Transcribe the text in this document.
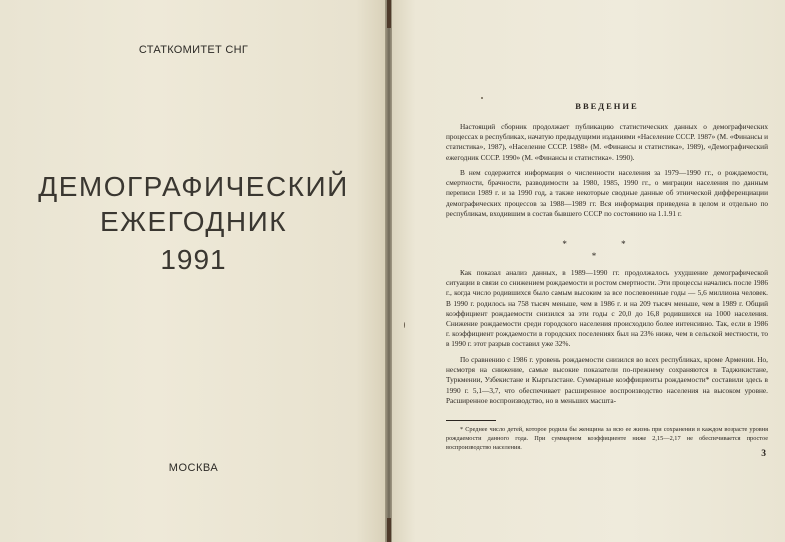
СТАТКОМИТЕТ СНГ
ДЕМОГРАФИЧЕСКИЙ
ЕЖЕГОДНИК
1991
МОСКВА
ВВЕДЕНИЕ

Настоящий сборник продолжает публикацию статистических данных о демографических процессах в республиках, начатую предыдущими изданиями «Население СССР. 1987» (М. «Финансы и статистика», 1987), «Население СССР. 1988» (М. «Финансы и статистика», 1989), «Демографический ежегодник СССР. 1990» (М. «Финансы и статистика». 1990).

В нем содержится информация о численности населения за 1979—1990 гг., о рождаемости, смертности, брачности, разводимости за 1980, 1985, 1990 гг., о миграции населения по данным переписи 1989 г. и за 1990 год, а также некоторые сводные данные об этнической дифференциации демографических процессов за 1988—1989 гг. Вся информация приведена в целом и отдельно по республикам, входившим в состав бывшего СССР по состоянию на 1.1.91 г.

* *
*

Как показал анализ данных, в 1989—1990 гг. продолжалось ухудшение демографической ситуации в связи со снижением рождаемости и ростом смертности. Эти процессы начались после 1986 г., когда число родившихся было самым высоким за все послевоенные годы — 5,6 миллиона человек. В 1990 г. родилось на 758 тысяч меньше, чем в 1986 г. и на 209 тысяч меньше, чем в 1989 г. Общий коэффициент рождаемости снизился за эти годы с 20,0 до 16,8 родившихся на 1000 населения. Снижение рождаемости среди городского населения происходило более интенсивно. Так, если в 1986 г. коэффициент рождаемости в городских поселениях был на 23% ниже, чем в сельской местности, то в 1990 г. этот разрыв составил уже 32%.

По сравнению с 1986 г. уровень рождаемости снизился во всех республиках, кроме Армении. Но, несмотря на снижение, самые высокие показатели по-прежнему сохраняются в Таджикистане, Туркмении, Узбекистане и Кыргызстане. Суммарные коэффициенты рождаемости* составили здесь в 1990 г. 5,1—3,7, что обеспечивает расширенное воспроизводство населения на высоком уровне. Расширенное воспроизводство, но в меньших масшта-

* Среднее число детей, которое родила бы женщина за всю ее жизнь при сохранении в каждом возрасте уровня рождаемости данного года. При суммарном коэффициенте ниже 2,15—2,17 не обеспечивается простое воспроизводство населения.

3
